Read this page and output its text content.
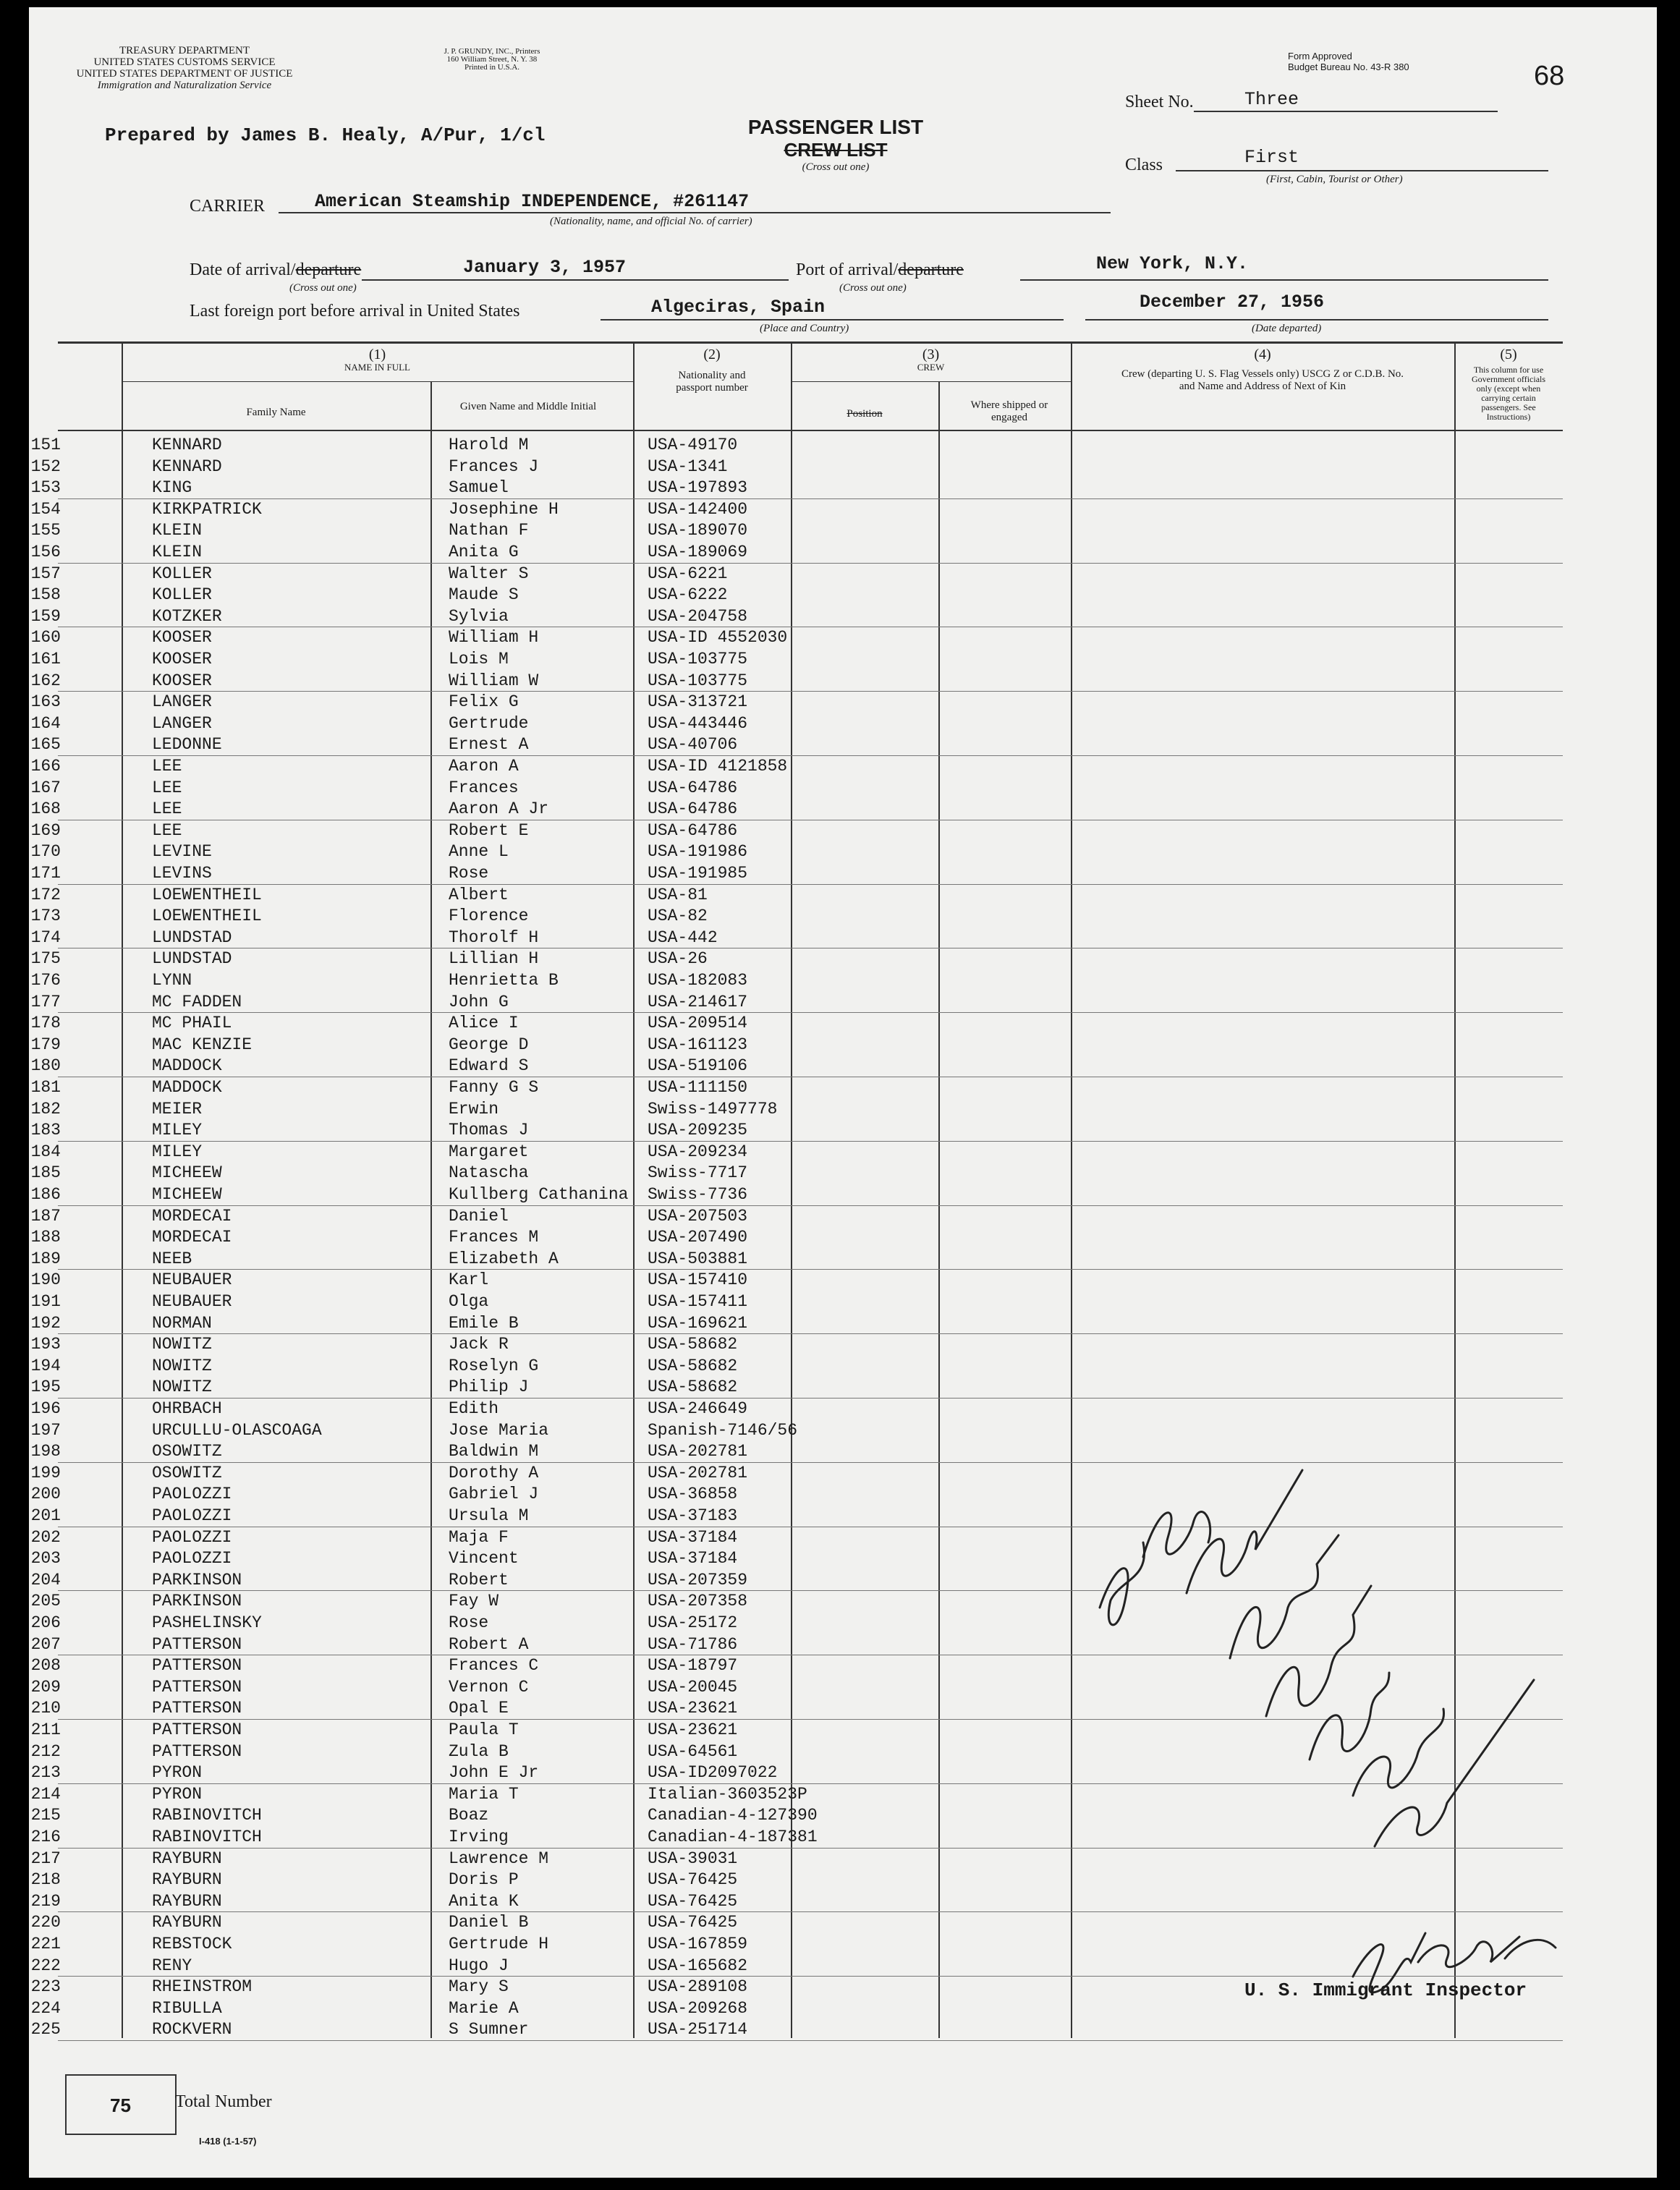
TREASURY DEPARTMENT
UNITED STATES CUSTOMS SERVICE
UNITED STATES DEPARTMENT OF JUSTICE
Immigration and Naturalization Service
J. P. GRUNDY, INC., Printers
160 William Street, N. Y. 38
Printed in U.S.A.
Form Approved
Budget Bureau No. 43-R 380	68
Prepared by James B. Healy, A/Pur, 1/cl	PASSENGER LIST
CREW LIST
(Cross out one)
Sheet No.	Three
Class	First
(First, Cabin, Tourist or Other)
CARRIER	American Steamship INDEPENDENCE, #261147
(Nationality, name, and official No. of carrier)
Date of arrival/departure
(Cross out one)
January 3, 1957	Port of arrival/departure
(Cross out one)
New York, N.Y.
Last foreign port before arrival in United States	Algeciras, Spain
(Place and Country)
December 27, 1956
(Date departed)
(1)
NAME IN FULL
Family Name	Given Name and Middle Initial
(2)
Nationality and passport number
(3)
CREW
Position
Where shipped or engaged
(4)
Crew (departing U. S. Flag Vessels only) USCG Z or C.D.B. No. and Name and Address of Next of Kin
(5)
This column for use Government officials only (except when carrying certain passengers. See Instructions)
151	KENNARD	Harold M	USA-49170
152	KENNARD	Frances J	USA-1341
153	KING	Samuel	USA-197893
154	KIRKPATRICK	Josephine H	USA-142400
155	KLEIN	Nathan F	USA-189070
156	KLEIN	Anita G	USA-189069
157	KOLLER	Walter S	USA-6221
158	KOLLER	Maude S	USA-6222
159	KOTZKER	Sylvia	USA-204758
160	KOOSER	William H	USA-ID 4552030
161	KOOSER	Lois M	USA-103775
162	KOOSER	William W	USA-103775
163	LANGER	Felix G	USA-313721
164	LANGER	Gertrude	USA-443446
165	LEDONNE	Ernest A	USA-40706
166	LEE	Aaron A	USA-ID 4121858
167	LEE	Frances	USA-64786
168	LEE	Aaron A Jr	USA-64786
169	LEE	Robert E	USA-64786
170	LEVINE	Anne L	USA-191986
171	LEVINS	Rose	USA-191985
172	LOEWENTHEIL	Albert	USA-81
173	LOEWENTHEIL	Florence	USA-82
174	LUNDSTAD	Thorolf H	USA-442
175	LUNDSTAD	Lillian H	USA-26
176	LYNN	Henrietta B	USA-182083
177	MC FADDEN	John G	USA-214617
178	MC PHAIL	Alice I	USA-209514
179	MAC KENZIE	George D	USA-161123
180	MADDOCK	Edward S	USA-519106
181	MADDOCK	Fanny G S	USA-111150
182	MEIER	Erwin	Swiss-1497778
183	MILEY	Thomas J	USA-209235
184	MILEY	Margaret	USA-209234
185	MICHEEW	Natascha	Swiss-7717
186	MICHEEW	Kullberg Cathanina Swiss-7736
187	MORDECAI	Daniel	USA-207503
188	MORDECAI	Frances M	USA-207490
189	NEEB	Elizabeth A	USA-503881
190	NEUBAUER	Karl	USA-157410
191	NEUBAUER	Olga	USA-157411
192	NORMAN	Emile B	USA-169621
193	NOWITZ	Jack R	USA-58682
194	NOWITZ	Roselyn G	USA-58682
195	NOWITZ	Philip J	USA-58682
196	OHRBACH	Edith	USA-246649
197	URCULLU-OLASCOAGA	Jose Maria	Spanish-7146/56
198	OSOWITZ	Baldwin M	USA-202781
199	OSOWITZ	Dorothy A	USA-202781
200	PAOLOZZI	Gabriel J	USA-36858
201	PAOLOZZI	Ursula M	USA-37183
202	PAOLOZZI	Maja F	USA-37184
203	PAOLOZZI	Vincent	USA-37184
204	PARKINSON	Robert	USA-207359
205	PARKINSON	Fay W	USA-207358
206	PASHELINSKY	Rose	USA-25172
207	PATTERSON	Robert A	USA-71786
208	PATTERSON	Frances C	USA-18797
209	PATTERSON	Vernon C	USA-20045
210	PATTERSON	Opal E	USA-23621
211	PATTERSON	Paula T	USA-23621
212	PATTERSON	Zula B	USA-64561
213	PYRON	John E Jr	USA-ID2097022
214	PYRON	Maria T	Italian-3603523P
215	RABINOVITCH	Boaz	Canadian-4-127390
216	RABINOVITCH	Irving	Canadian-4-187381
217	RAYBURN	Lawrence M	USA-39031
218	RAYBURN	Doris P	USA-76425
219	RAYBURN	Anita K	USA-76425
220	RAYBURN	Daniel B	USA-76425
221	REBSTOCK	Gertrude H	USA-167859
222	RENY	Hugo J	USA-165682
223	RHEINSTROM	Mary S	USA-289108
224	RIBULLA	Marie A	USA-209268
225	ROCKVERN	S Sumner	USA-251714
U. S. Immigrant Inspector
75	Total Number
I-418 (1-1-57)
